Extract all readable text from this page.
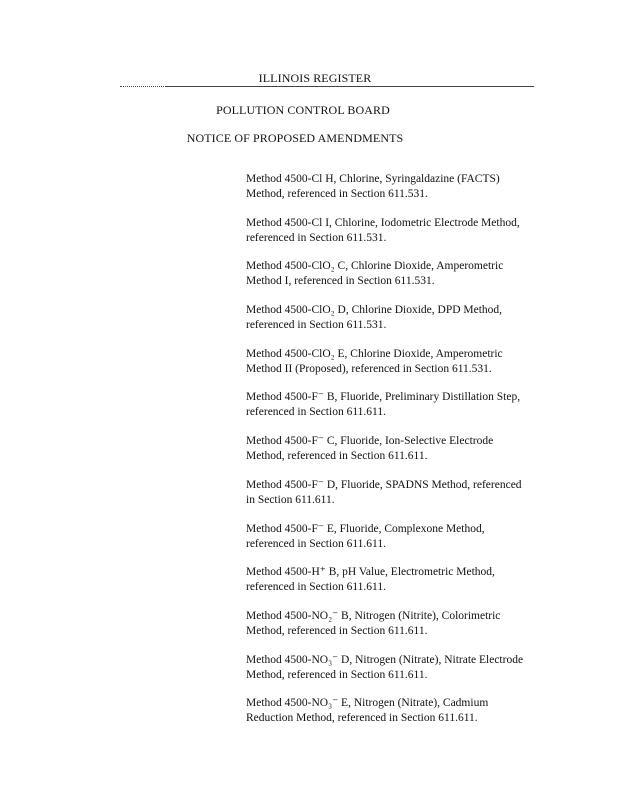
ILLINOIS REGISTER
POLLUTION CONTROL BOARD
NOTICE OF PROPOSED AMENDMENTS
Method 4500-Cl H, Chlorine, Syringaldazine (FACTS)
Method, referenced in Section 611.531.
Method 4500-Cl I, Chlorine, Iodometric Electrode Method,
referenced in Section 611.531.
Method 4500-ClO₂ C, Chlorine Dioxide, Amperometric
Method I, referenced in Section 611.531.
Method 4500-ClO₂ D, Chlorine Dioxide, DPD Method,
referenced in Section 611.531.
Method 4500-ClO₂ E, Chlorine Dioxide, Amperometric
Method II (Proposed), referenced in Section 611.531.
Method 4500-F⁻ B, Fluoride, Preliminary Distillation Step,
referenced in Section 611.611.
Method 4500-F⁻ C, Fluoride, Ion-Selective Electrode
Method, referenced in Section 611.611.
Method 4500-F⁻ D, Fluoride, SPADNS Method, referenced
in Section 611.611.
Method 4500-F⁻ E, Fluoride, Complexone Method,
referenced in Section 611.611.
Method 4500-H⁺ B, pH Value, Electrometric Method,
referenced in Section 611.611.
Method 4500-NO₂⁻ B, Nitrogen (Nitrite), Colorimetric
Method, referenced in Section 611.611.
Method 4500-NO₃⁻ D, Nitrogen (Nitrate), Nitrate Electrode
Method, referenced in Section 611.611.
Method 4500-NO₃⁻ E, Nitrogen (Nitrate), Cadmium
Reduction Method, referenced in Section 611.611.
